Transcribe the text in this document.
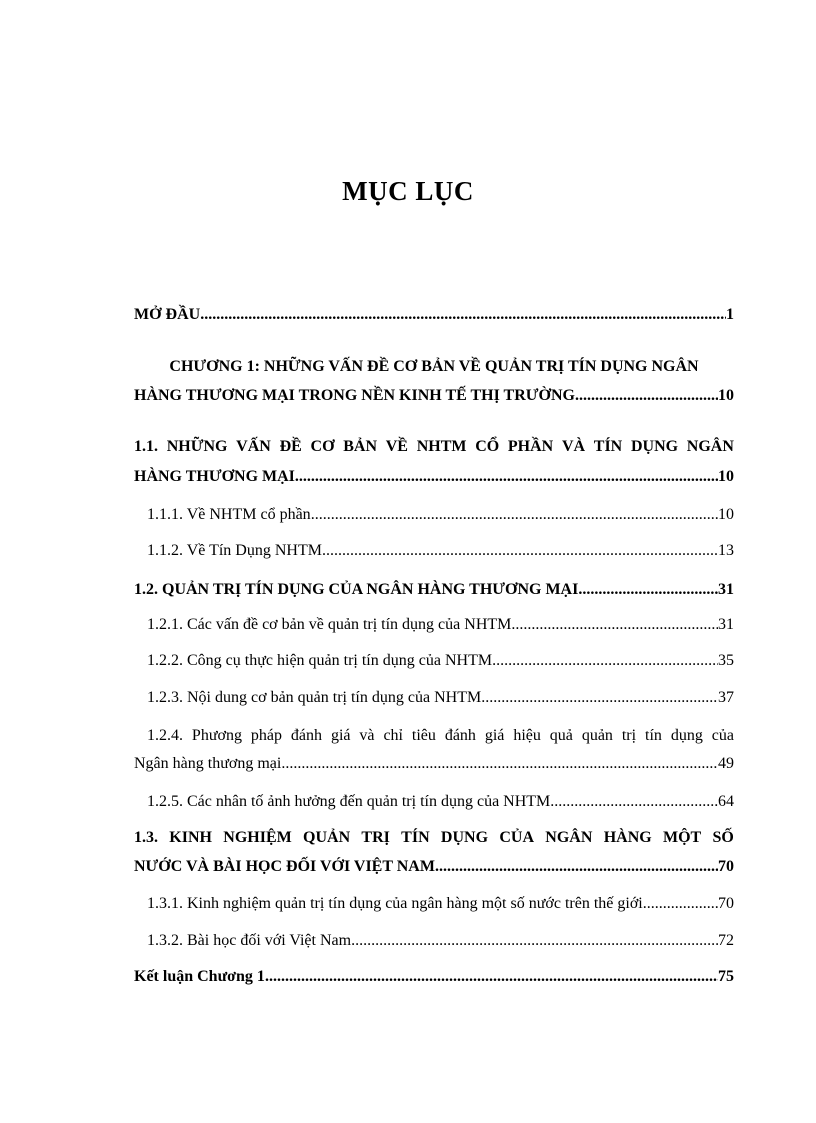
MỤC LỤC
MỞ ĐẦU .....	1
CHƯƠNG 1: NHỮNG VẤN ĐỀ CƠ BẢN VỀ QUẢN TRỊ TÍN DỤNG NGÂN
HÀNG THƯƠNG MẠI TRONG NỀN KINH TẾ THỊ TRƯỜNG .....	10
1.1. NHỮNG VẤN ĐỀ CƠ BẢN VỀ NHTM CỔ PHẦN VÀ TÍN DỤNG NGÂN
HÀNG THƯƠNG MẠI .....	10
1.1.1. Về NHTM cổ phần .....	10
1.1.2. Về Tín Dụng NHTM .....	13
1.2. QUẢN TRỊ TÍN DỤNG CỦA NGÂN HÀNG THƯƠNG MẠI .....	31
1.2.1. Các vấn đề cơ bản về quản trị tín dụng của NHTM .....	31
1.2.2. Công cụ thực hiện quản trị tín dụng của NHTM .....	35
1.2.3. Nội dung cơ bản quản trị tín dụng của NHTM .....	37
1.2.4. Phương pháp đánh giá và chỉ tiêu đánh giá hiệu quả quản trị tín dụng của
Ngân hàng thương mại .....	49
1.2.5. Các nhân tố ảnh hưởng đến quản trị tín dụng của NHTM .....	64
1.3. KINH NGHIỆM QUẢN TRỊ TÍN DỤNG CỦA NGÂN HÀNG MỘT SỐ
NƯỚC VÀ BÀI HỌC ĐỐI VỚI VIỆT NAM .....	70
1.3.1. Kinh nghiệm quản trị tín dụng của ngân hàng một số nước trên thế giới .....	70
1.3.2. Bài học đối với Việt Nam .....	72
Kết luận Chương 1 .....	75
